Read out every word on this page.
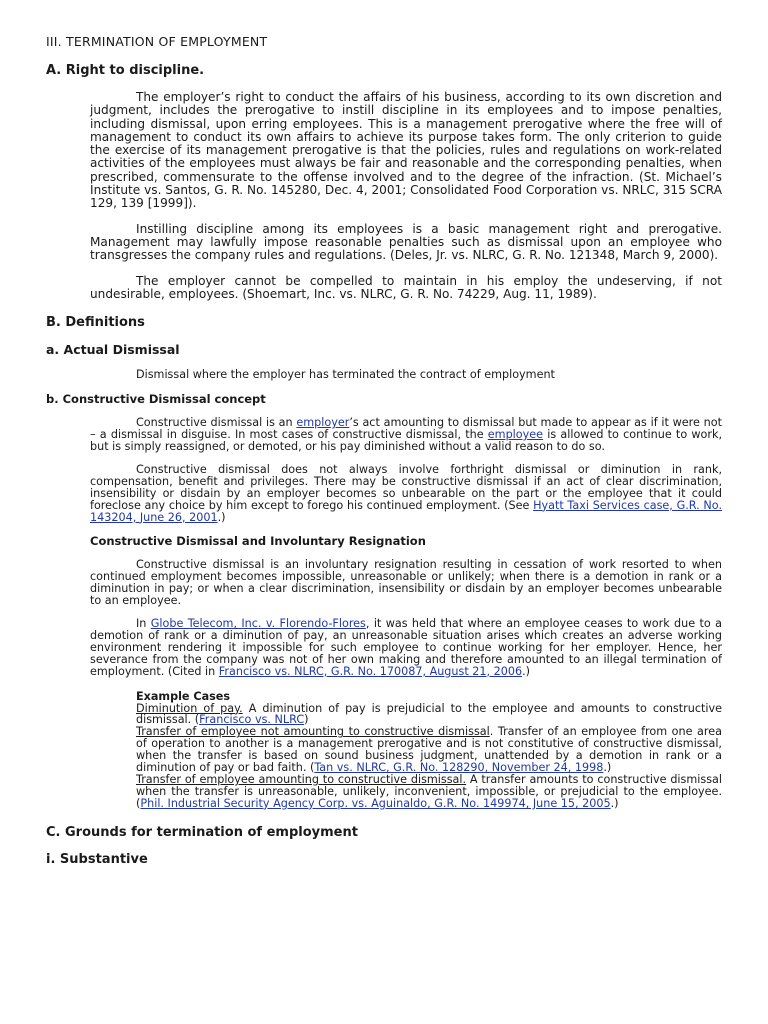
III. TERMINATION OF EMPLOYMENT
A. Right to discipline.

The employer’s right to conduct the affairs of his business, according to its own discretion and judgment, includes the prerogative to instill discipline in its employees and to impose penalties, including dismissal, upon erring employees. This is a management prerogative where the free will of management to conduct its own affairs to achieve its purpose takes form. The only criterion to guide the exercise of its management prerogative is that the policies, rules and regulations on work-related activities of the employees must always be fair and reasonable and the corresponding penalties, when prescribed, commensurate to the offense involved and to the degree of the infraction. (St. Michael’s Institute vs. Santos, G. R. No. 145280, Dec. 4, 2001; Consolidated Food Corporation vs. NRLC, 315 SCRA 129, 139 [1999]).

Instilling discipline among its employees is a basic management right and prerogative. Management may lawfully impose reasonable penalties such as dismissal upon an employee who transgresses the company rules and regulations. (Deles, Jr. vs. NLRC, G. R. No. 121348, March 9, 2000).

The employer cannot be compelled to maintain in his employ the undeserving, if not undesirable, employees. (Shoemart, Inc. vs. NLRC, G. R. No. 74229, Aug. 11, 1989).

B. Definitions
a. Actual Dismissal

Dismissal where the employer has terminated the contract of employment

b. Constructive Dismissal concept

Constructive dismissal is an employer’s act amounting to dismissal but made to appear as if it were not – a dismissal in disguise. In most cases of constructive dismissal, the employee is allowed to continue to work, but is simply reassigned, or demoted, or his pay diminished without a valid reason to do so.

Constructive dismissal does not always involve forthright dismissal or diminution in rank, compensation, benefit and privileges. There may be constructive dismissal if an act of clear discrimination, insensibility or disdain by an employer becomes so unbearable on the part or the employee that it could foreclose any choice by him except to forego his continued employment. (See Hyatt Taxi Services case, G.R. No. 143204, June 26, 2001.)

Constructive Dismissal and Involuntary Resignation

Constructive dismissal is an involuntary resignation resulting in cessation of work resorted to when continued employment becomes impossible, unreasonable or unlikely; when there is a demotion in rank or a diminution in pay; or when a clear discrimination, insensibility or disdain by an employer becomes unbearable to an employee.

In Globe Telecom, Inc. v. Florendo-Flores, it was held that where an employee ceases to work due to a demotion of rank or a diminution of pay, an unreasonable situation arises which creates an adverse working environment rendering it impossible for such employee to continue working for her employer. Hence, her severance from the company was not of her own making and therefore amounted to an illegal termination of employment. (Cited in Francisco vs. NLRC, G.R. No. 170087, August 21, 2006.)

Example Cases

Diminution of pay. A diminution of pay is prejudicial to the employee and amounts to constructive dismissal. (Francisco vs. NLRC)

Transfer of employee not amounting to constructive dismissal. Transfer of an employee from one area of operation to another is a management prerogative and is not constitutive of constructive dismissal, when the transfer is based on sound business judgment, unattended by a demotion in rank or a diminution of pay or bad faith. (Tan vs. NLRC, G.R. No. 128290, November 24, 1998.)

Transfer of employee amounting to constructive dismissal. A transfer amounts to constructive dismissal when the transfer is unreasonable, unlikely, inconvenient, impossible, or prejudicial to the employee. (Phil. Industrial Security Agency Corp. vs. Aguinaldo, G.R. No. 149974, June 15, 2005.)

C. Grounds for termination of employment
i. Substantive
